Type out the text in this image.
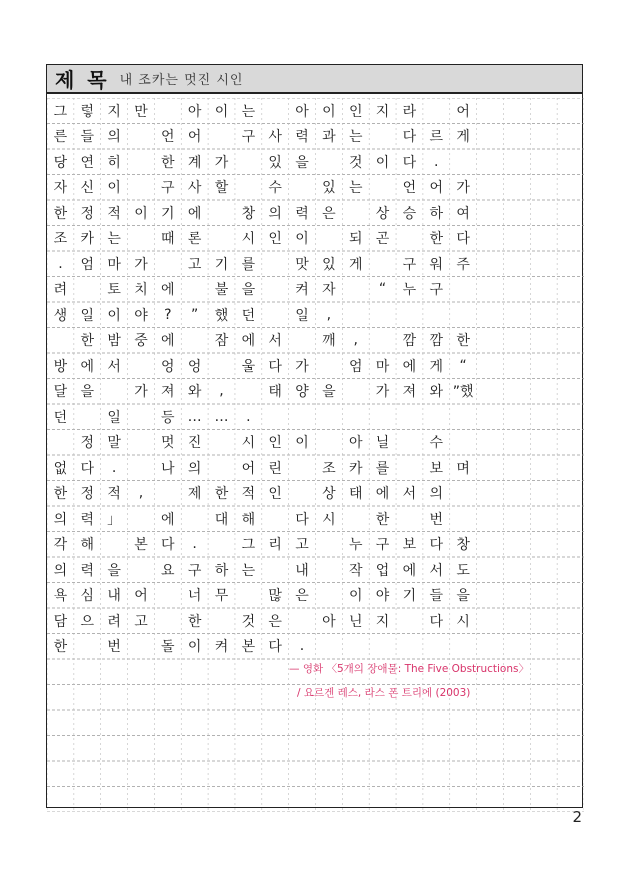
제 목 내 조카는 멋진 시인
그 렇 지 만	아 이 는	아 이 인 지 라	어
른 들 의	언 어	구 사 력 과 는	다 르 게
당 연 히	한 계 가	있 을	것 이 다	.
자 신 이	구 사 할	수	있 는	언 어 가
한 정 적 이 기 에	창 의 력 은	상 승 하 여
조 카 는	때 론	시 인 이	되 곤	한 다
.	엄 마 가	고 기 를	맛 있 게	구 워 주
려	토 치 에	불 을	켜 자	“	누 구
생 일 이 야	?	”	했 던	일	,
한 밤 중 에	잠 에 서	깨	,	깜 깜 한
방 에 서	엉 엉	울 다 가	엄 마 에 게	“
달 을	가 져 와	,	태 양 을	가 져 와 ”했
던	일	등 … …	.
정 말	멋 진	시 인 이	아 닐	수
없 다	.	나 의	어 린	조 카 를	보 며
한 정 적	,	제 한 적 인	상 태 에 서 의
의 력 」	에	대 해	다 시	한	번
각 해	본 다	.	그 리 고	누 구 보 다 창
의 력 을	요 구 하 는	내	작 업 에 서 도
욕 심 내 어	너 무	많 은	이 야 기 들 을
담 으 려 고	한	것 은	아 닌 지	다 시
한	번	돌 이 켜 본 다	.
— 영화 〈5개의 장애물: The Five Obstructions〉
/ 요르겐 레스, 라스 폰 트리에 (2003)
2
